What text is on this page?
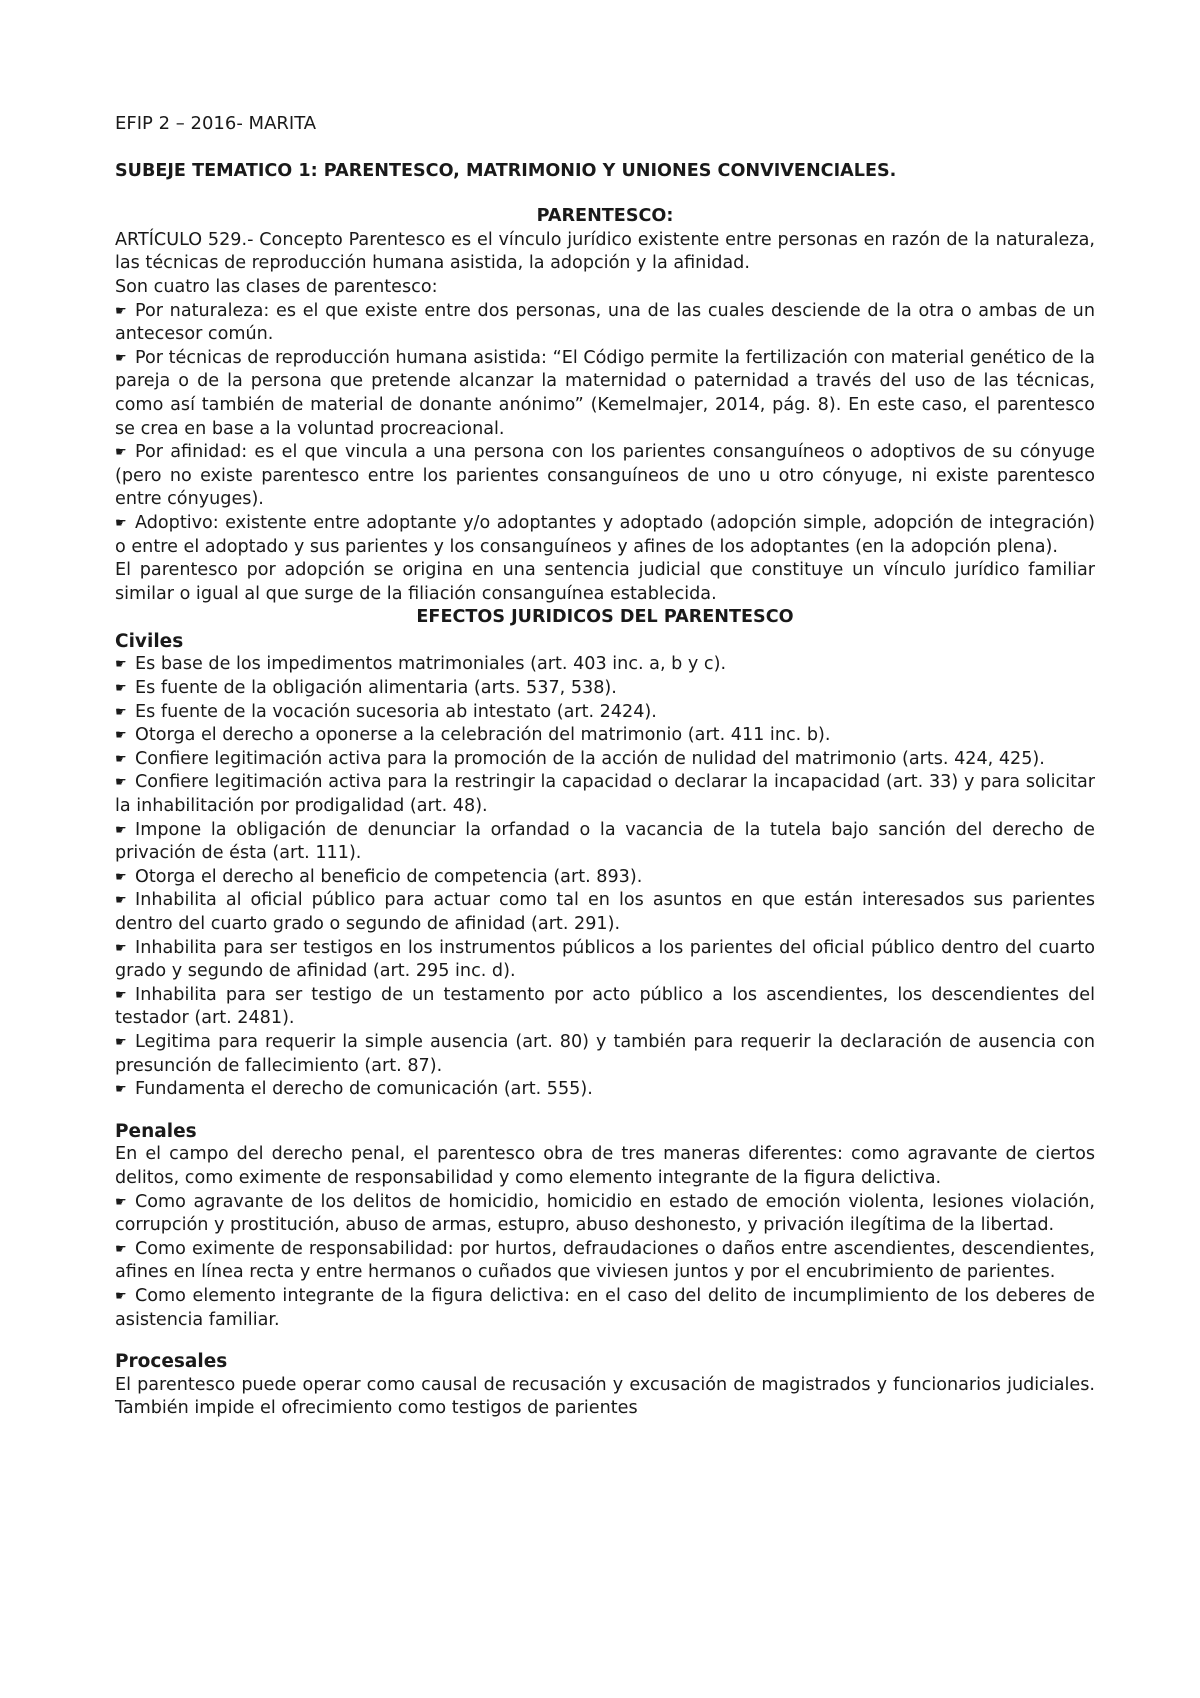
EFIP 2 – 2016- MARITA

SUBEJE TEMATICO 1: PARENTESCO, MATRIMONIO Y UNIONES CONVIVENCIALES.

PARENTESCO:

ARTÍCULO 529.- Concepto Parentesco es el vínculo jurídico existente entre personas en razón de la naturaleza, las técnicas de reproducción humana asistida, la adopción y la afinidad.

Son cuatro las clases de parentesco:

☛ Por naturaleza: es el que existe entre dos personas, una de las cuales desciende de la otra o ambas de un antecesor común.

☛ Por técnicas de reproducción humana asistida: “El Código permite la fertilización con material genético de la pareja o de la persona que pretende alcanzar la maternidad o paternidad a través del uso de las técnicas, como así también de material de donante anónimo” (Kemelmajer, 2014, pág. 8). En este caso, el parentesco se crea en base a la voluntad procreacional.

☛ Por afinidad: es el que vincula a una persona con los parientes consanguíneos o adoptivos de su cónyuge (pero no existe parentesco entre los parientes consanguíneos de uno u otro cónyuge, ni existe parentesco entre cónyuges).

☛ Adoptivo: existente entre adoptante y/o adoptantes y adoptado (adopción simple, adopción de integración) o entre el adoptado y sus parientes y los consanguíneos y afines de los adoptantes (en la adopción plena).

El parentesco por adopción se origina en una sentencia judicial que constituye un vínculo jurídico familiar similar o igual al que surge de la filiación consanguínea establecida.

EFECTOS JURIDICOS DEL PARENTESCO

Civiles

☛ Es base de los impedimentos matrimoniales (art. 403 inc. a, b y c).

☛ Es fuente de la obligación alimentaria (arts. 537, 538).

☛ Es fuente de la vocación sucesoria ab intestato (art. 2424).

☛ Otorga el derecho a oponerse a la celebración del matrimonio (art. 411 inc. b).

☛ Confiere legitimación activa para la promoción de la acción de nulidad del matrimonio (arts. 424, 425).

☛ Confiere legitimación activa para la restringir la capacidad o declarar la incapacidad (art. 33) y para solicitar la inhabilitación por prodigalidad (art. 48).

☛ Impone la obligación de denunciar la orfandad o la vacancia de la tutela bajo sanción del derecho de privación de ésta (art. 111).

☛ Otorga el derecho al beneficio de competencia (art. 893).

☛ Inhabilita al oficial público para actuar como tal en los asuntos en que están interesados sus parientes dentro del cuarto grado o segundo de afinidad (art. 291).

☛ Inhabilita para ser testigos en los instrumentos públicos a los parientes del oficial público dentro del cuarto grado y segundo de afinidad (art. 295 inc. d).

☛ Inhabilita para ser testigo de un testamento por acto público a los ascendientes, los descendientes del testador (art. 2481).

☛ Legitima para requerir la simple ausencia (art. 80) y también para requerir la declaración de ausencia con presunción de fallecimiento (art. 87).

☛ Fundamenta el derecho de comunicación (art. 555).

Penales

En el campo del derecho penal, el parentesco obra de tres maneras diferentes: como agravante de ciertos delitos, como eximente de responsabilidad y como elemento integrante de la figura delictiva.

☛ Como agravante de los delitos de homicidio, homicidio en estado de emoción violenta, lesiones violación, corrupción y prostitución, abuso de armas, estupro, abuso deshonesto, y privación ilegítima de la libertad.

☛ Como eximente de responsabilidad: por hurtos, defraudaciones o daños entre ascendientes, descendientes, afines en línea recta y entre hermanos o cuñados que viviesen juntos y por el encubrimiento de parientes.

☛ Como elemento integrante de la figura delictiva: en el caso del delito de incumplimiento de los deberes de asistencia familiar.

Procesales

El parentesco puede operar como causal de recusación y excusación de magistrados y funcionarios judiciales. También impide el ofrecimiento como testigos de parientes
